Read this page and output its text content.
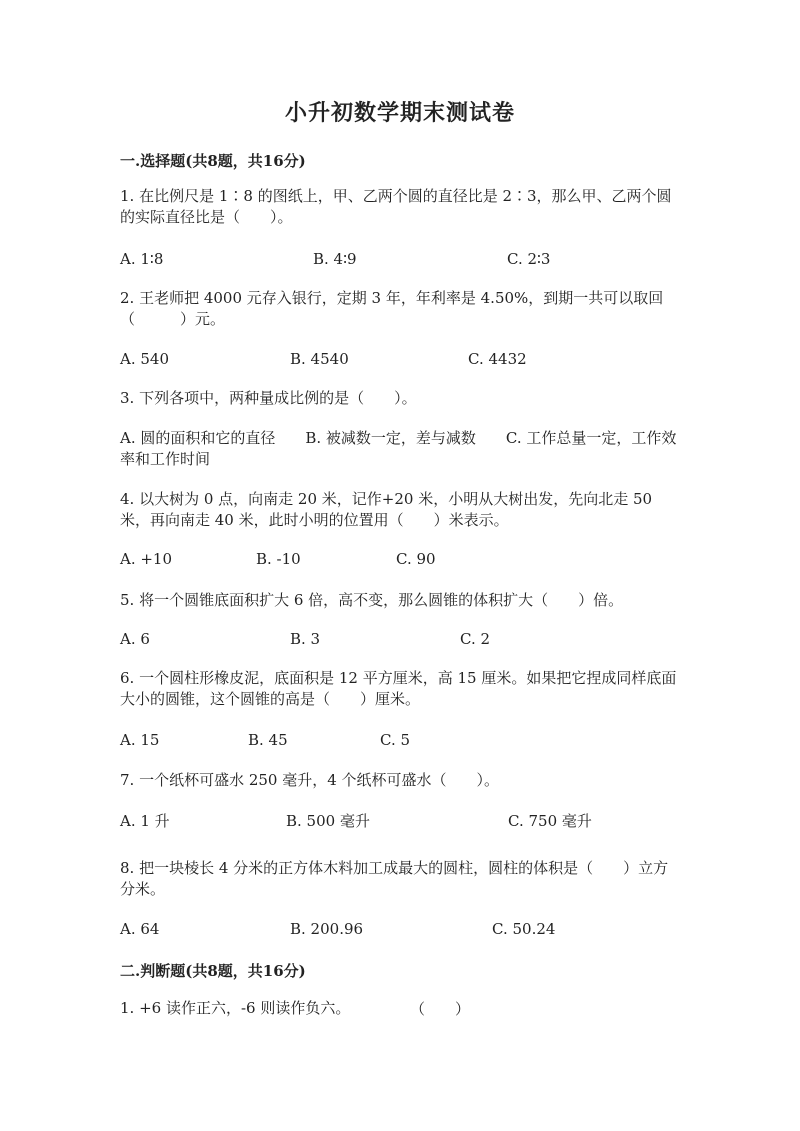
小升初数学期末测试卷
一.选择题(共8题，共16分)
1. 在比例尺是 1∶8 的图纸上，甲、乙两个圆的直径比是 2∶3，那么甲、乙两个圆的实际直径比是（　　）。
A. 1∶8	B. 4∶9	C. 2∶3
2. 王老师把 4000 元存入银行，定期 3 年，年利率是 4.50%，到期一共可以取回（　　　）元。
A. 540	B. 4540	C. 4432
3. 下列各项中，两种量成比例的是（　　）。
A. 圆的面积和它的直径　　B. 被减数一定，差与减数　　C. 工作总量一定，工作效率和工作时间
4. 以大树为 0 点，向南走 20 米，记作+20 米，小明从大树出发，先向北走 50 米，再向南走 40 米，此时小明的位置用（　　）米表示。
A. +10	B. -10	C. 90
5. 将一个圆锥底面积扩大 6 倍，高不变，那么圆锥的体积扩大（　　）倍。
A. 6	B. 3	C. 2
6. 一个圆柱形橡皮泥，底面积是 12 平方厘米，高 15 厘米。如果把它捏成同样底面大小的圆锥，这个圆锥的高是（　　）厘米。
A. 15	B. 45	C. 5
7. 一个纸杯可盛水 250 毫升，4 个纸杯可盛水（　　）。
A. 1 升	B. 500 毫升	C. 750 毫升
8. 把一块棱长 4 分米的正方体木料加工成最大的圆柱，圆柱的体积是（　　）立方分米。
A. 64	B. 200.96	C. 50.24
二.判断题(共8题，共16分)
1. +6 读作正六，-6 则读作负六。	（　　）
